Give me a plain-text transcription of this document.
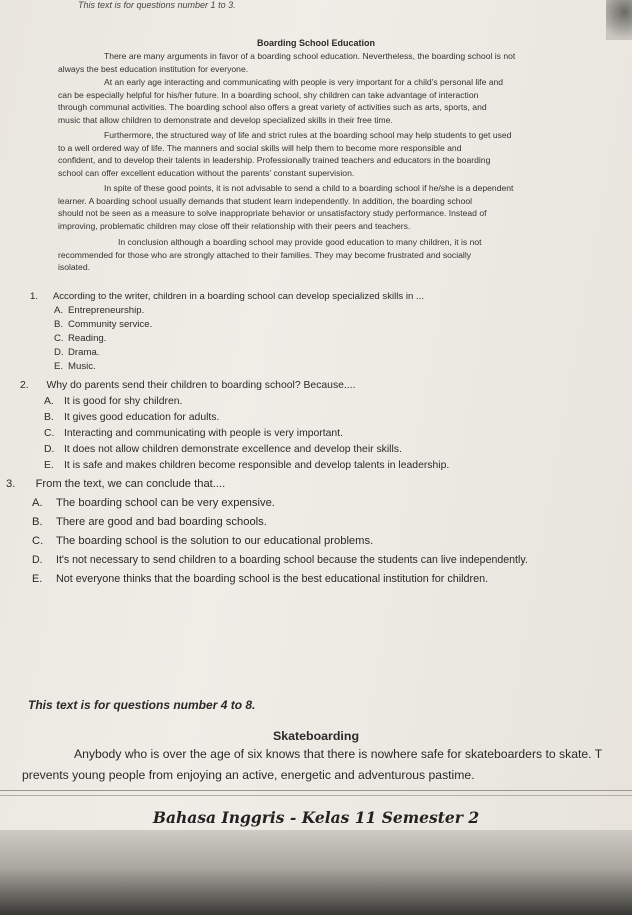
This text is for questions number 1 to 3.
Boarding School Education
There are many arguments in favor of a boarding school education. Nevertheless, the boarding school is not
always the best education institution for everyone.
At an early age interacting and communicating with people is very important for a child's personal life and
can be especially helpful for his/her future. In a boarding school, shy children can take advantage of interaction
through communal activities. The boarding school also offers a great variety of activities such as arts, sports, and
music that allow children to demonstrate and develop specialized skills in their free time.
Furthermore, the structured way of life and strict rules at the boarding school may help students to get used
to a well ordered way of life. The manners and social skills will help them to become more responsible and
confident, and to develop their talents in leadership. Professionally trained teachers and educators in the boarding
school can offer excellent education without the parents' constant supervision.
In spite of these good points, it is not advisable to send a child to a boarding school if he/she is a dependent
learner. A boarding school usually demands that student learn independently. In addition, the boarding school
should not be seen as a measure to solve inappropriate behavior or unsatisfactory study performance. Instead of
improving, problematic children may close off their relationship with their peers and teachers.
In conclusion although a boarding school may provide good education to many children, it is not
recommended for those who are strongly attached to their families. They may become frustrated and socially
isolated.
1. According to the writer, children in a boarding school can develop specialized skills in ...
A. Entrepreneurship.
B. Community service.
C. Reading.
D. Drama.
E. Music.
2. Why do parents send their children to boarding school? Because....
A. It is good for shy children.
B. It gives good education for adults.
C. Interacting and communicating with people is very important.
D. It does not allow children demonstrate excellence and develop their skills.
E. It is safe and makes children become responsible and develop talents in leadership.
3. From the text, we can conclude that....
A. The boarding school can be very expensive.
B. There are good and bad boarding schools.
C. The boarding school is the solution to our educational problems.
D. It's not necessary to send children to a boarding school because the students can live independently.
E. Not everyone thinks that the boarding school is the best educational institution for children.
This text is for questions number 4 to 8.
Skateboarding
Anybody who is over the age of six knows that there is nowhere safe for skateboarders to skate. T
prevents young people from enjoying an active, energetic and adventurous pastime.
Bahasa Inggris - Kelas 11 Semester 2
